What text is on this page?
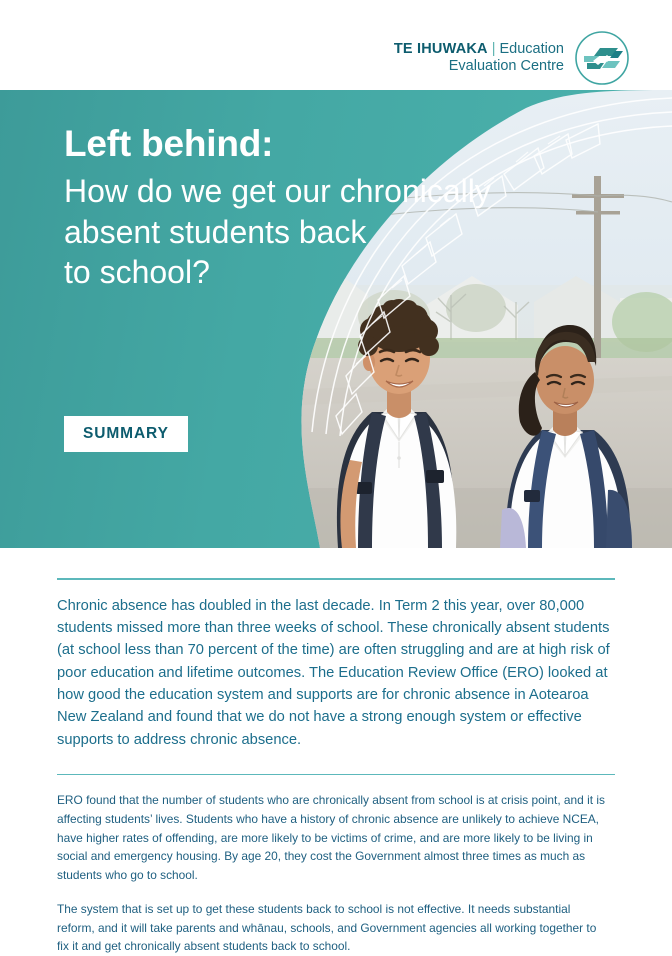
TE IHUWAKA | Education
Evaluation Centre
Left behind:
How do we get our chronically
absent students back
to school?
SUMMARY

Chronic absence has doubled in the last decade. In Term 2 this year, over 80,000 students missed more than three weeks of school. These chronically absent students (at school less than 70 percent of the time) are often struggling and are at high risk of poor education and lifetime outcomes. The Education Review Office (ERO) looked at how good the education system and supports are for chronic absence in Aotearoa New Zealand and found that we do not have a strong enough system or effective supports to address chronic absence.

ERO found that the number of students who are chronically absent from school is at crisis point, and it is affecting students’ lives. Students who have a history of chronic absence are unlikely to achieve NCEA, have higher rates of offending, are more likely to be victims of crime, and are more likely to be living in social and emergency housing. By age 20, they cost the Government almost three times as much as students who go to school.

The system that is set up to get these students back to school is not effective. It needs substantial reform, and it will take parents and whānau, schools, and Government agencies all working together to fix it and get chronically absent students back to school.
